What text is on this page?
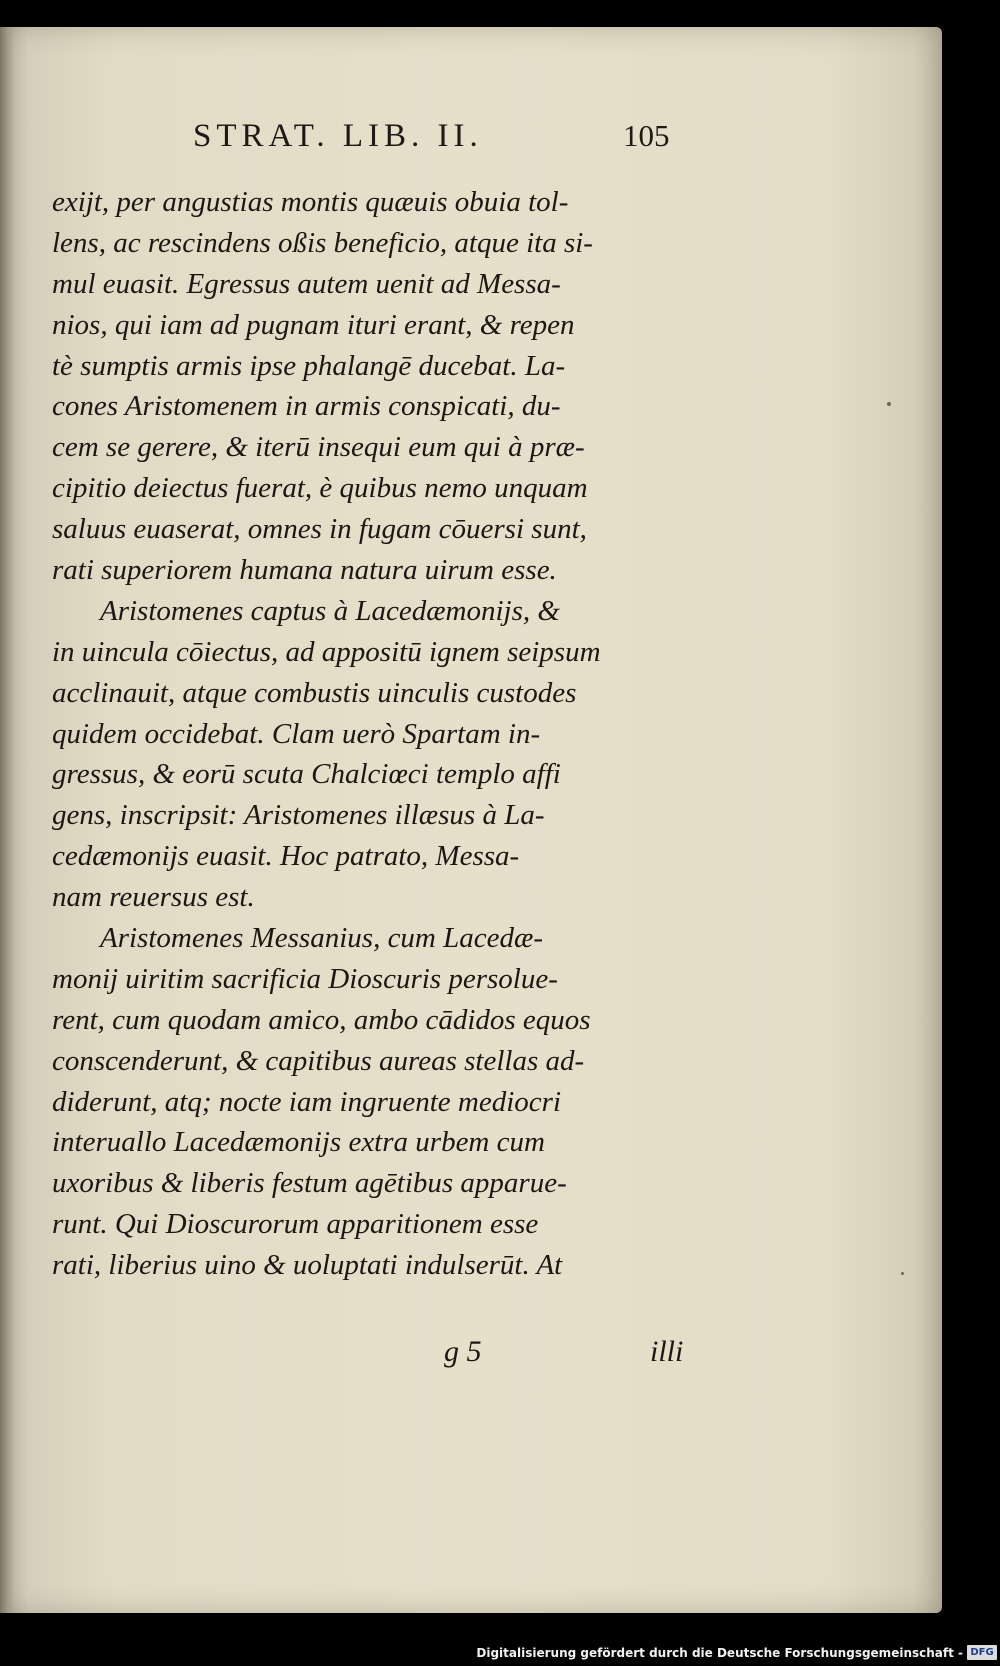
STRAT. LIB. II.	105
exijt, per angustias montis quæuis obuia tol-
lens, ac rescindens oßis beneficio, atque ita si-
mul euasit. Egressus autem uenit ad Messa-
nios, qui iam ad pugnam ituri erant, & repen
tè sumptis armis ipse phalangē ducebat. La-
cones Aristomenem in armis conspicati, du-
cem se gerere, & iterū insequi eum qui à præ-
cipitio deiectus fuerat, è quibus nemo unquam
saluus euaserat, omnes in fugam cōuersi sunt,
rati superiorem humana natura uirum esse.
Aristomenes captus à Lacedæmonijs, &
in uincula cōiectus, ad appositū ignem seipsum
acclinauit, atque combustis uinculis custodes
quidem occidebat. Clam uerò Spartam in-
gressus, & eorū scuta Chalciœci templo affi
gens, inscripsit: Aristomenes illæsus à La-
cedæmonijs euasit. Hoc patrato, Messa-
nam reuersus est.
Aristomenes Messanius, cum Lacedæ-
monij uiritim sacrificia Dioscuris persolue-
rent, cum quodam amico, ambo cādidos equos
conscenderunt, & capitibus aureas stellas ad-
diderunt, atq; nocte iam ingruente mediocri
interuallo Lacedæmonijs extra urbem cum
uxoribus & liberis festum agētibus apparue-
runt. Qui Dioscurorum apparitionem esse
rati, liberius uino & uoluptati indulserūt. At
g 5	illi
Digitalisierung gefördert durch die Deutsche Forschungsgemeinschaft - DFG
